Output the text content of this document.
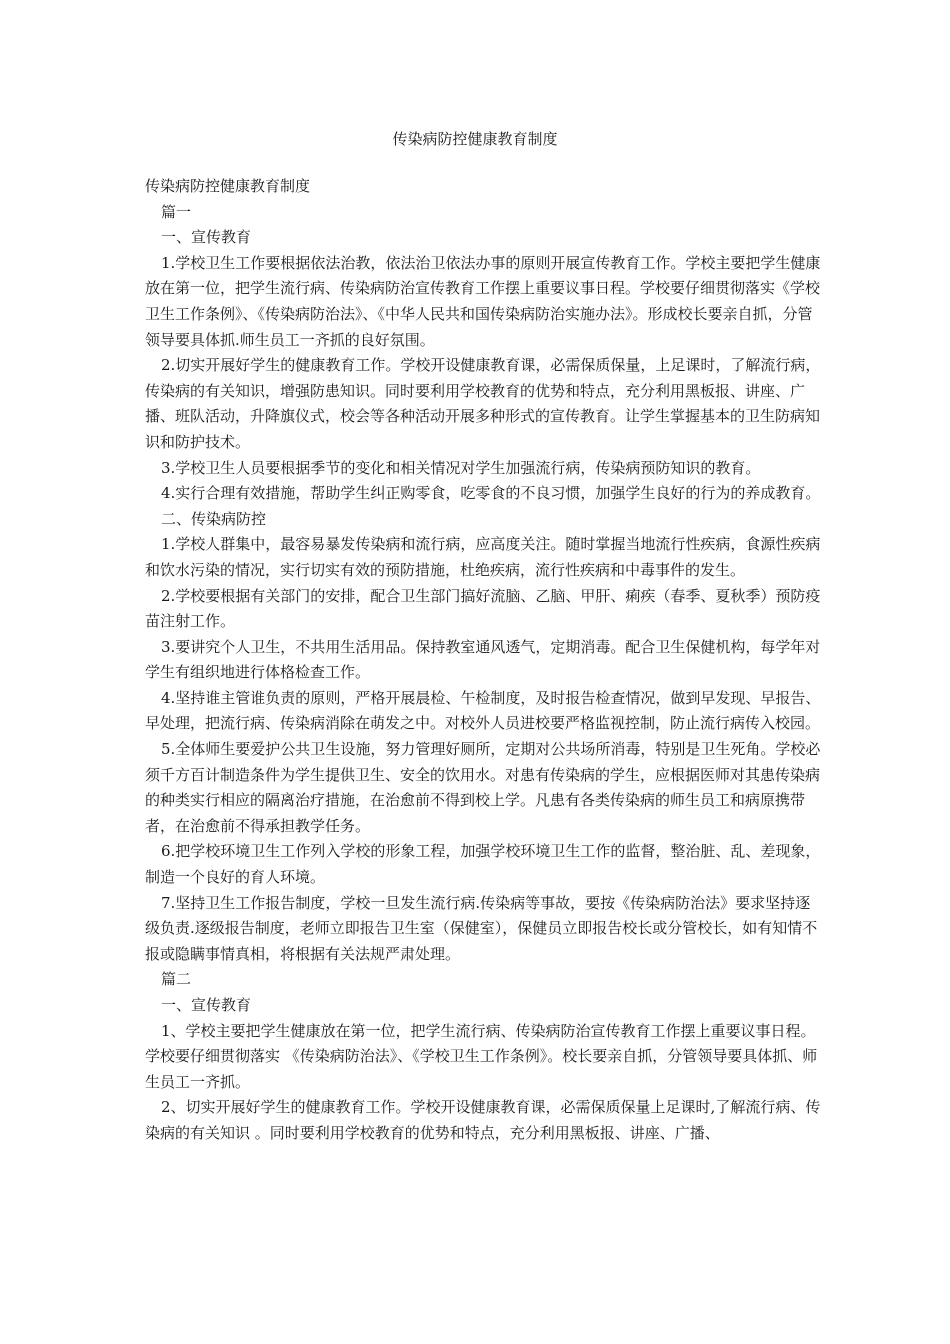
传染病防控健康教育制度

传染病防控健康教育制度

篇一

一、宣传教育

1.学校卫生工作要根据依法治教，依法治卫依法办事的原则开展宣传教育工作。学校主要把学生健康放在第一位，把学生流行病、传染病防治宣传教育工作摆上重要议事日程。学校要仔细贯彻落实《学校卫生工作条例》、《传染病防治法》、《中华人民共和国传染病防治实施办法》。形成校长要亲自抓，分管领导要具体抓.师生员工一齐抓的良好氛围。

2.切实开展好学生的健康教育工作。学校开设健康教育课，必需保质保量，上足课时，了解流行病，传染病的有关知识，增强防患知识。同时要利用学校教育的优势和特点，充分利用黑板报、讲座、广播、班队活动，升降旗仪式，校会等各种活动开展多种形式的宣传教育。让学生掌握基本的卫生防病知识和防护技术。

3.学校卫生人员要根据季节的变化和相关情况对学生加强流行病，传染病预防知识的教育。

4.实行合理有效措施，帮助学生纠正购零食，吃零食的不良习惯，加强学生良好的行为的养成教育。

二、传染病防控

1.学校人群集中，最容易暴发传染病和流行病，应高度关注。随时掌握当地流行性疾病，食源性疾病和饮水污染的情况，实行切实有效的预防措施，杜绝疾病，流行性疾病和中毒事件的发生。

2.学校要根据有关部门的安排，配合卫生部门搞好流脑、乙脑、甲肝、痢疾（春季、夏秋季）预防疫苗注射工作。

3.要讲究个人卫生，不共用生活用品。保持教室通风透气，定期消毒。配合卫生保健机构，每学年对学生有组织地进行体格检查工作。

4.坚持谁主管谁负责的原则，严格开展晨检、午检制度，及时报告检查情况，做到早发现、早报告、早处理，把流行病、传染病消除在萌发之中。对校外人员进校要严格监视控制，防止流行病传入校园。

5.全体师生要爱护公共卫生设施，努力管理好厕所，定期对公共场所消毒，特别是卫生死角。学校必须千方百计制造条件为学生提供卫生、安全的饮用水。对患有传染病的学生，应根据医师对其患传染病的种类实行相应的隔离治疗措施，在治愈前不得到校上学。凡患有各类传染病的师生员工和病原携带者，在治愈前不得承担教学任务。

6.把学校环境卫生工作列入学校的形象工程，加强学校环境卫生工作的监督，整治脏、乱、差现象，制造一个良好的育人环境。

7.坚持卫生工作报告制度，学校一旦发生流行病.传染病等事故，要按《传染病防治法》要求坚持逐级负责.逐级报告制度，老师立即报告卫生室（保健室），保健员立即报告校长或分管校长，如有知情不报或隐瞒事情真相，将根据有关法规严肃处理。

篇二

一、宣传教育

1、学校主要把学生健康放在第一位，把学生流行病、传染病防治宣传教育工作摆上重要议事日程。学校要仔细贯彻落实 《传染病防治法》、《学校卫生工作条例》。校长要亲自抓，分管领导要具体抓、师生员工一齐抓。

2、切实开展好学生的健康教育工作。学校开设健康教育课，必需保质保量上足课时,了解流行病、传染病的有关知识 。同时要利用学校教育的优势和特点，充分利用黑板报、讲座、广播、
